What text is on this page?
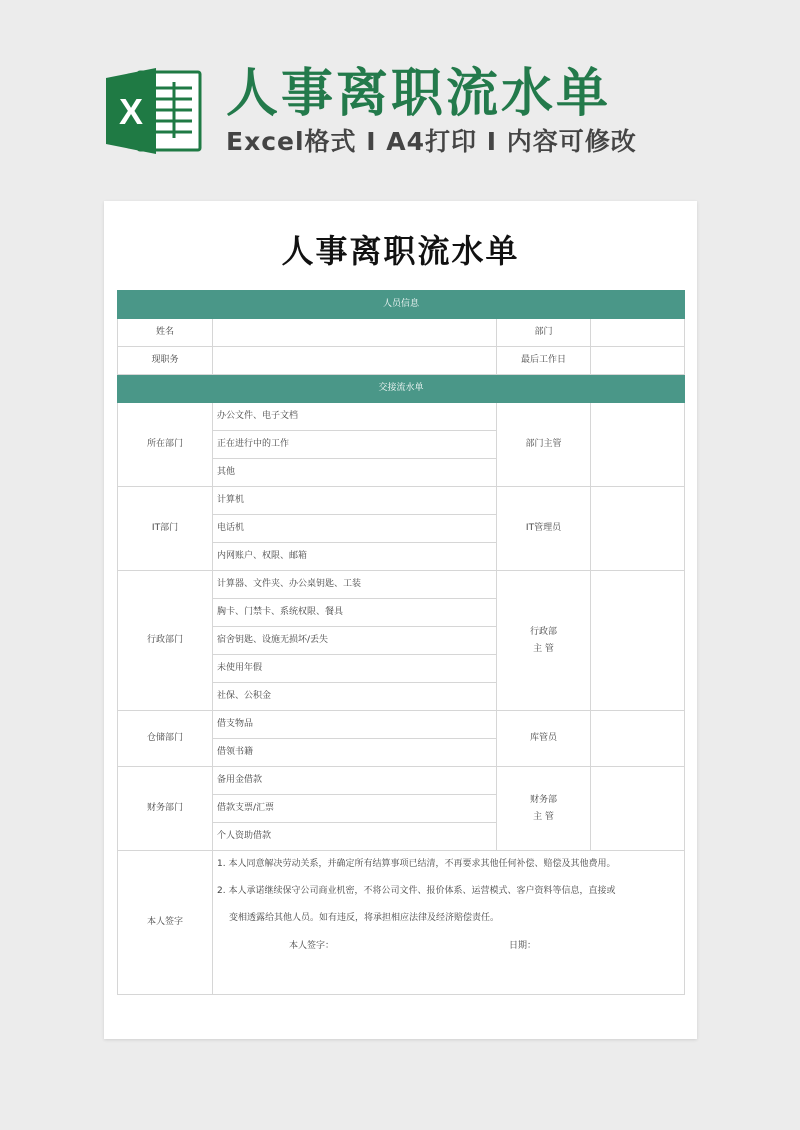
X 人事离职流水单
Excel格式 I A4打印 I 内容可修改
人事离职流水单
人员信息			
姓名		部门	
现职务		最后工作日	
交接流水单			
所在部门	办公文件、电子文档	部门主管	

	正在进行中的工作		
	其他		
IT部门	计算机	IT管理员	

	电话机		
	内网账户、权限、邮箱		
行政部门	计算器、文件夹、办公桌钥匙、工装	行政部
主 管	

	胸卡、门禁卡、系统权限、餐具		
	宿舍钥匙、设施无损坏/丢失		
	未使用年假		
	社保、公积金		
仓储部门	借支物品	库管员	

	借领书籍		
财务部门	备用金借款	财务部
主 管	

	借款支票/汇票		
	个人资助借款		
本人签字	1. 本人同意解决劳动关系，并确定所有结算事项已结清，不再要求其他任何补偿、赔偿及其他费用。
2. 本人承诺继续保守公司商业机密，不将公司文件、报价体系、运营模式、客户资料等信息，直接或
变相透露给其他人员。如有违反，将承担相应法律及经济赔偿责任。
本人签字： 日期：		
